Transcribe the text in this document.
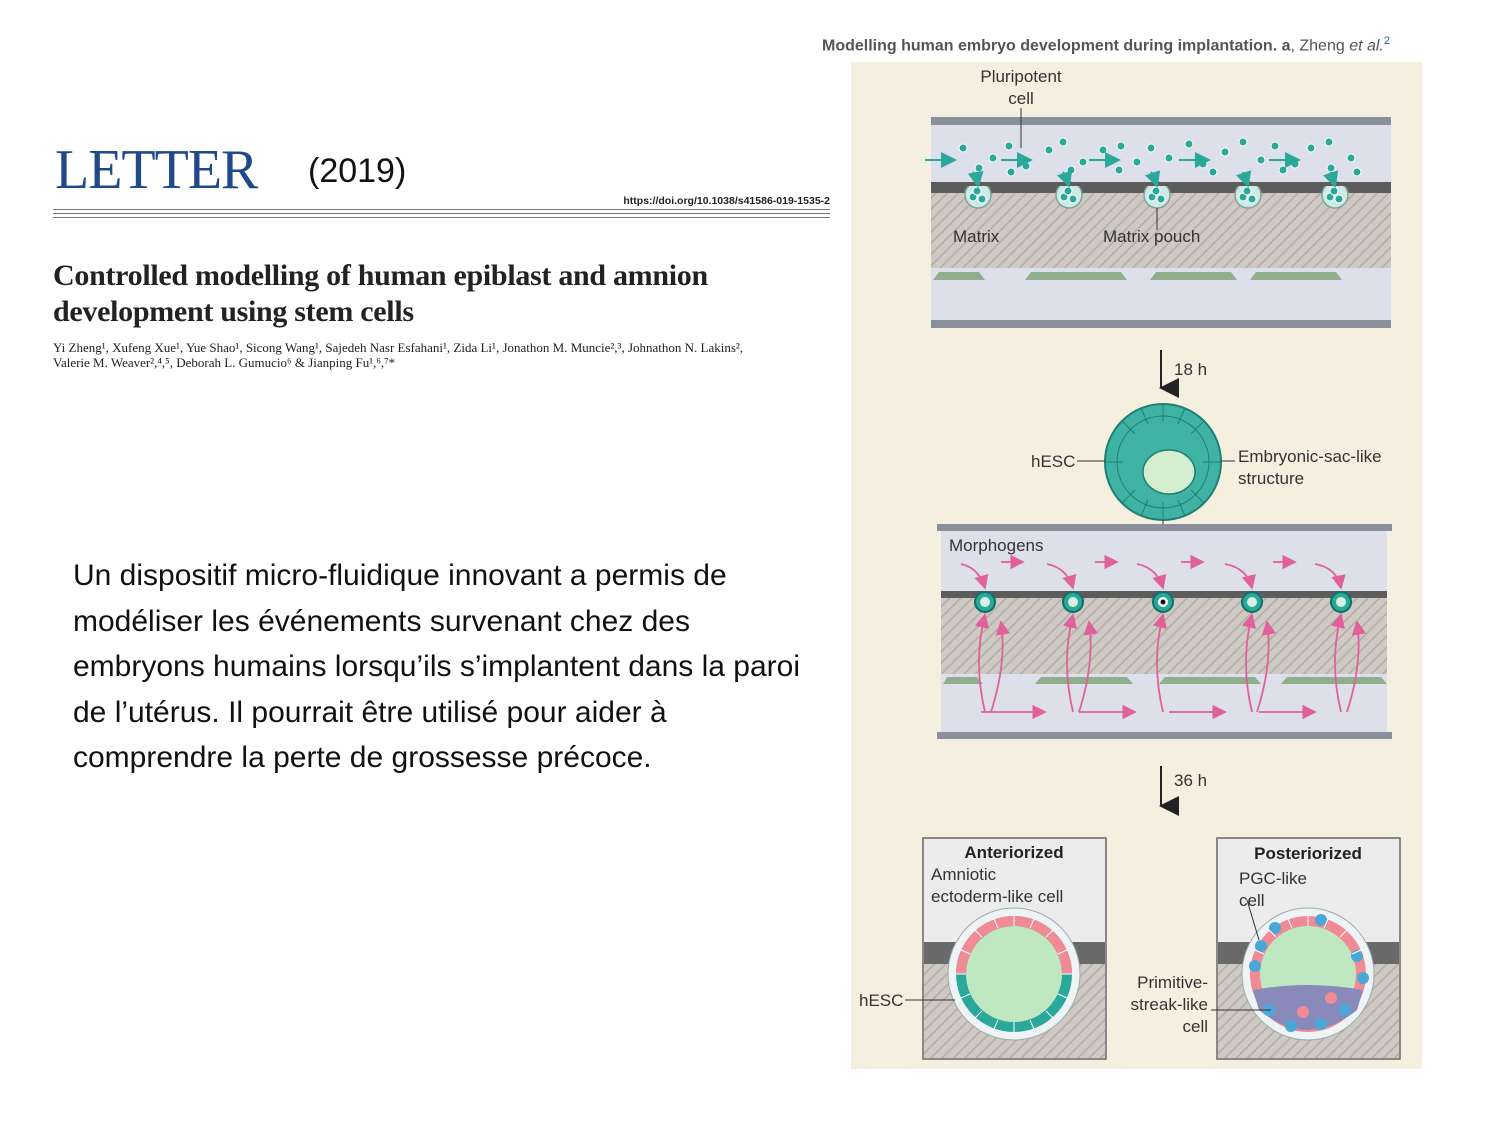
LETTER (2019)
https://doi.org/10.1038/s41586-019-1535-2
Controlled modelling of human epiblast and amnion development using stem cells
Yi Zheng¹, Xufeng Xue¹, Yue Shao¹, Sicong Wang¹, Sajedeh Nasr Esfahani¹, Zida Li¹, Jonathon M. Muncie²,³, Johnathon N. Lakins²,
Valerie M. Weaver²,⁴,⁵, Deborah L. Gumucio⁶ & Jianping Fu¹,⁶,⁷*
Un dispositif micro-fluidique innovant a permis de modéliser les événements survenant chez des embryons humains lorsqu’ils s’implantent dans la paroi de l’utérus. Il pourrait être utilisé pour aider à comprendre la perte de grossesse précoce.
Modelling human embryo development during implantation. a, Zheng et al.$^2$
Pluripotent
cell
Matrix	Matrix pouch
18 h
hESC	Embryonic-sac-like
structure
Morphogens
36 h
Anteriorized
Amniotic
ectoderm-like cell
hESC
Posteriorized
PGC-like
cell
Primitive-
streak-like
cell
